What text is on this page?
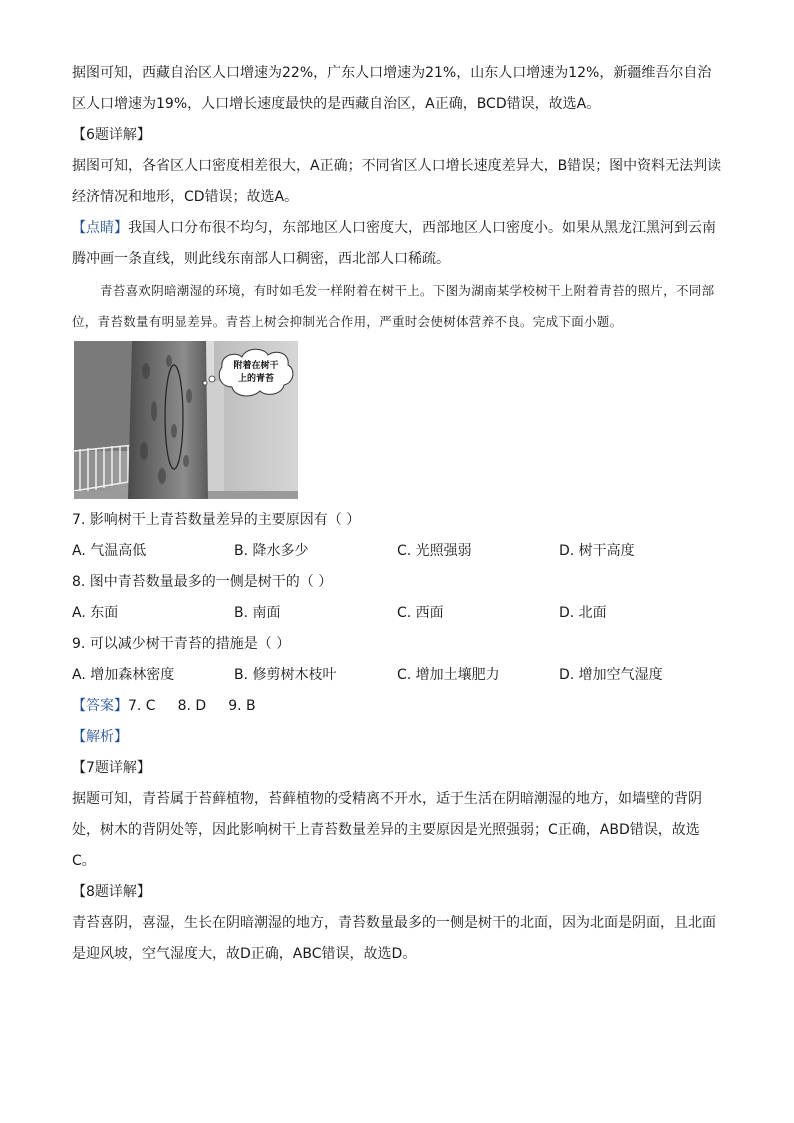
据图可知，西藏自治区人口增速为22%，广东人口增速为21%，山东人口增速为12%，新疆维吾尔自治区人口增速为19%，人口增长速度最快的是西藏自治区，A正确，BCD错误，故选A。

【6题详解】

据图可知，各省区人口密度相差很大，A正确；不同省区人口增长速度差异大，B错误；图中资料无法判读经济情况和地形，CD错误；故选A。

【点睛】我国人口分布很不均匀，东部地区人口密度大，西部地区人口密度小。如果从黑龙江黑河到云南腾冲画一条直线，则此线东南部人口稠密，西北部人口稀疏。

青苔喜欢阴暗潮湿的环境，有时如毛发一样附着在树干上。下图为湖南某学校树干上附着青苔的照片，不同部位，青苔数量有明显差异。青苔上树会抑制光合作用，严重时会使树体营养不良。完成下面小题。

附着在树干
上的青苔

7. 影响树干上青苔数量差异的主要原因有（ ）

A. 气温高低	B. 降水多少	C. 光照强弱	D. 树干高度

8. 图中青苔数量最多的一侧是树干的（ ）

A. 东面	B. 南面	C. 西面	D. 北面

9. 可以减少树干青苔的措施是（ ）

A. 增加森林密度	B. 修剪树木枝叶	C. 增加土壤肥力	D. 增加空气湿度

【答案】7. C 8. D 9. B

【解析】

【7题详解】

据题可知，青苔属于苔藓植物，苔藓植物的受精离不开水，适于生活在阴暗潮湿的地方，如墙壁的背阴处，树木的背阴处等，因此影响树干上青苔数量差异的主要原因是光照强弱；C正确，ABD错误，故选C。

【8题详解】

青苔喜阴，喜湿，生长在阴暗潮湿的地方，青苔数量最多的一侧是树干的北面，因为北面是阴面，且北面是迎风坡，空气湿度大，故D正确，ABC错误，故选D。
